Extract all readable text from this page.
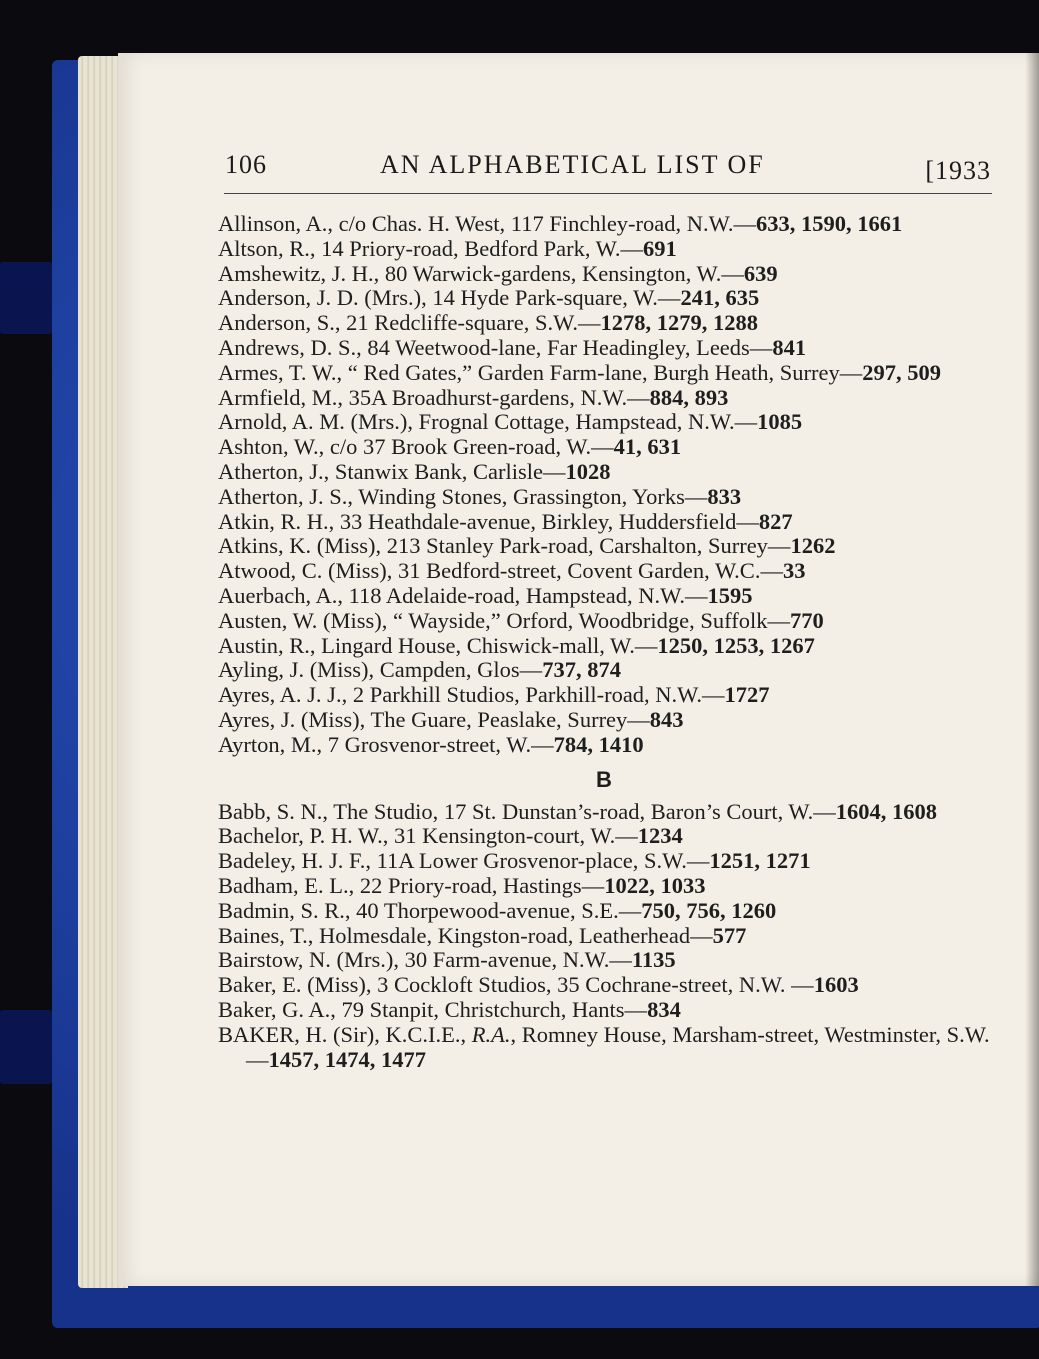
106	AN ALPHABETICAL LIST OF	[1933

Allinson, A., c/o Chas. H. West, 117 Finchley-road, N.W.—633, 1590, 1661

Altson, R., 14 Priory-road, Bedford Park, W.—691

Amshewitz, J. H., 80 Warwick-gardens, Kensington, W.—639

Anderson, J. D. (Mrs.), 14 Hyde Park-square, W.—241, 635

Anderson, S., 21 Redcliffe-square, S.W.—1278, 1279, 1288

Andrews, D. S., 84 Weetwood-lane, Far Headingley, Leeds—841

Armes, T. W., “ Red Gates,” Garden Farm-lane, Burgh Heath, Surrey—297, 509

Armfield, M., 35A Broadhurst-gardens, N.W.—884, 893

Arnold, A. M. (Mrs.), Frognal Cottage, Hampstead, N.W.—1085

Ashton, W., c/o 37 Brook Green-road, W.—41, 631

Atherton, J., Stanwix Bank, Carlisle—1028

Atherton, J. S., Winding Stones, Grassington, Yorks—833

Atkin, R. H., 33 Heathdale-avenue, Birkley, Huddersfield—827

Atkins, K. (Miss), 213 Stanley Park-road, Carshalton, Surrey—1262

Atwood, C. (Miss), 31 Bedford-street, Covent Garden, W.C.—33

Auerbach, A., 118 Adelaide-road, Hampstead, N.W.—1595

Austen, W. (Miss), “ Wayside,” Orford, Woodbridge, Suffolk—770

Austin, R., Lingard House, Chiswick-mall, W.—1250, 1253, 1267

Ayling, J. (Miss), Campden, Glos—737, 874

Ayres, A. J. J., 2 Parkhill Studios, Parkhill-road, N.W.—1727

Ayres, J. (Miss), The Guare, Peaslake, Surrey—843

Ayrton, M., 7 Grosvenor-street, W.—784, 1410

B

Babb, S. N., The Studio, 17 St. Dunstan’s-road, Baron’s Court, W.—1604, 1608

Bachelor, P. H. W., 31 Kensington-court, W.—1234

Badeley, H. J. F., 11A Lower Grosvenor-place, S.W.—1251, 1271

Badham, E. L., 22 Priory-road, Hastings—1022, 1033

Badmin, S. R., 40 Thorpewood-avenue, S.E.—750, 756, 1260

Baines, T., Holmesdale, Kingston-road, Leatherhead—577

Bairstow, N. (Mrs.), 30 Farm-avenue, N.W.—1135

Baker, E. (Miss), 3 Cockloft Studios, 35 Cochrane-street, N.W. —1603

Baker, G. A., 79 Stanpit, Christchurch, Hants—834

BAKER, H. (Sir), K.C.I.E., R.A., Romney House, Marsham-street, Westminster, S.W.—1457, 1474, 1477
